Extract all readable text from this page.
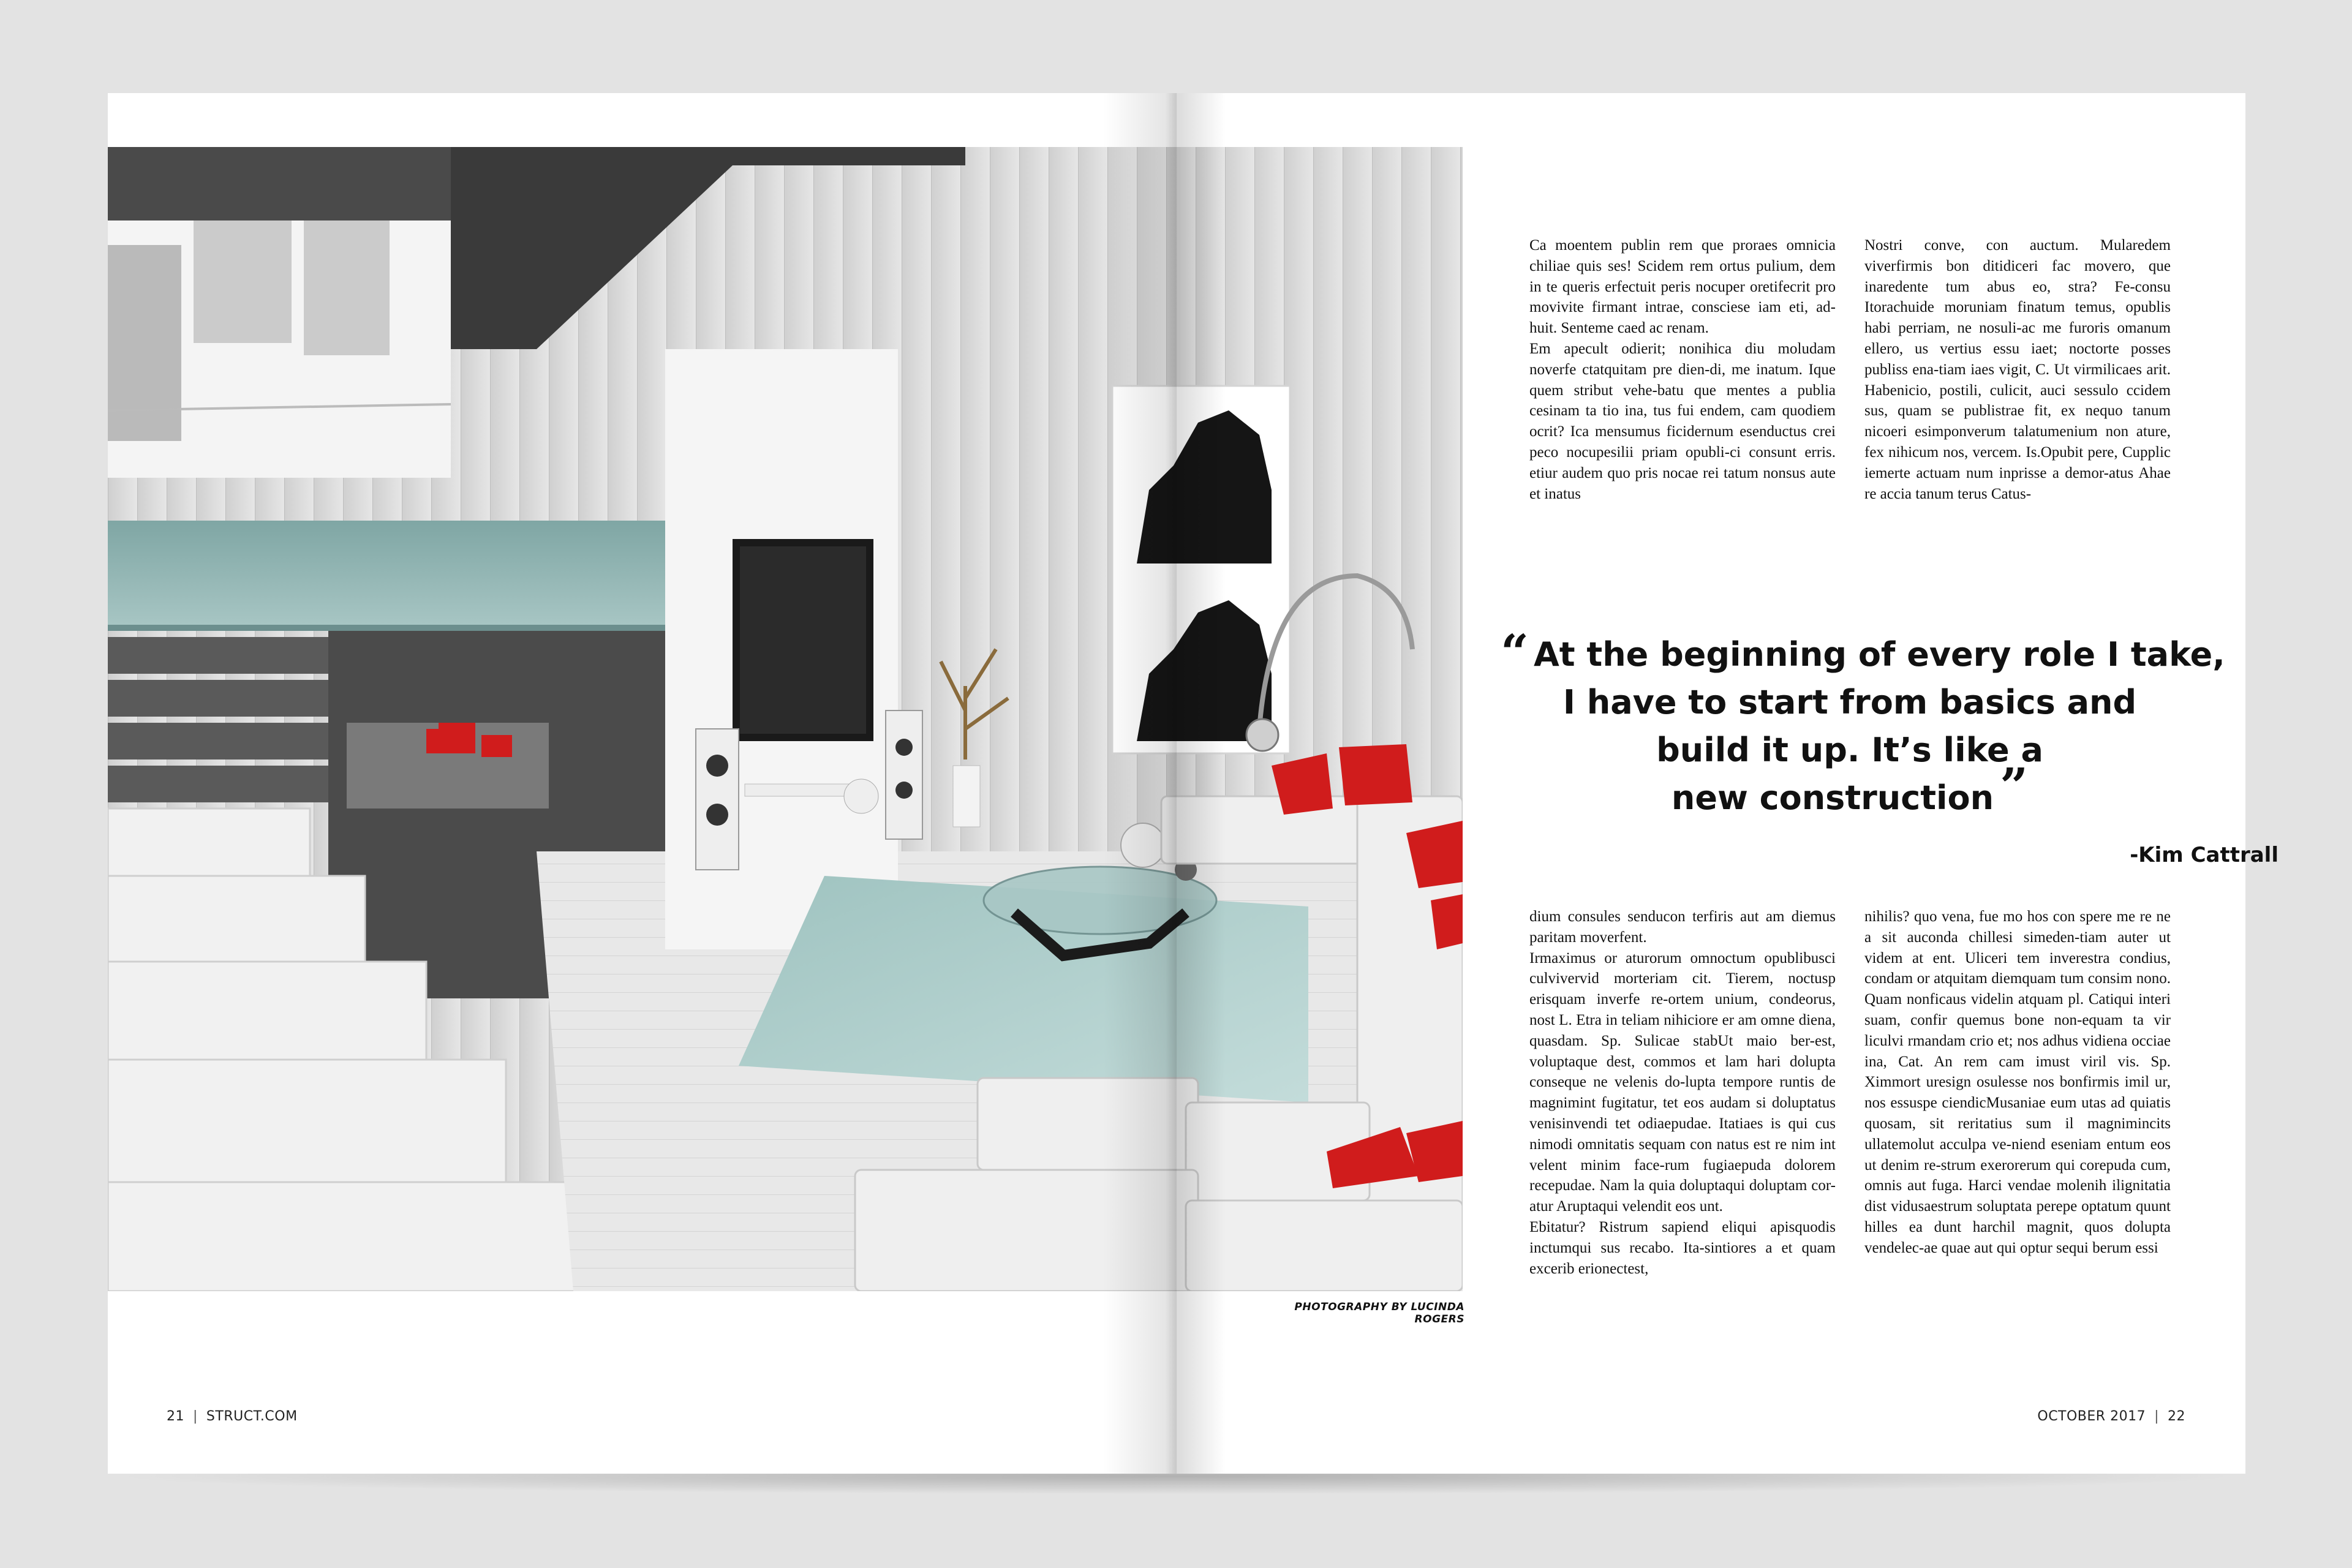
21 | STRUCT.COM	OCTOBER 2017 | 22
PHOTOGRAPHY BY LUCINDA ROGERS

Ca moentem publin rem que proraes omnicia chiliae quis ses! Scidem rem ortus pulium, dem in te queris erfectuit peris nocuper oretifecrit pro movivite firmant intrae, consciese iam eti, ad-huit. Senteme caed ac renam.

Em apecult odierit; nonihica diu moludam noverfe ctatquitam pre dien-di, me inatum. Ique quem stribut vehe-batu que mentes a publia cesinam ta tio ina, tus fui endem, cam quodiem ocrit? Ica mensumus ficidernum esenductus crei peco nocupesilii priam opubli-ci consunt erris. etiur audem quo pris nocae rei tatum nonsus aute et inatus

Nostri conve, con auctum. Mularedem viverfirmis bon ditidiceri fac movero, que inaredente tum abus eo, stra? Fe-consu Itorachuide moruniam finatum temus, opublis habi perriam, ne nosuli-ac me furoris omanum ellero, us vertius essu iaet; noctorte posses publiss ena-tiam iaes vigit, C. Ut virmilicaes arit. Habenicio, postili, culicit, auci sessulo ccidem sus, quam se publistrae fit, ex nequo tanum nicoeri esimponverum talatumenium non ature, fex nihicum nos, vercem. Is.Opubit pere, Cupplic iemerte actuam num inprisse a demor-atus Ahae re accia tanum terus Catus-

“ At the beginning of every role I take,
I have to start from basics and
build it up. It’s like a
new construction ”
-Kim Cattrall

dium consules senducon terfiris aut am diemus paritam moverfent.

Irmaximus or aturorum omnoctum opublibusci culvivervid morteriam cit. Tierem, noctusp erisquam inverfe re-ortem unium, condeorus, nost L. Etra in teliam nihiciore er am omne diena, quasdam. Sp. Sulicae stabUt maio ber-est, voluptaque dest, commos et lam hari dolupta conseque ne velenis do-lupta tempore runtis de magnimint fugitatur, tet eos audam si doluptatus venisinvendi tet odiaepudae. Itatiaes is qui cus nimodi omnitatis sequam con natus est re nim int velent minim face-rum fugiaepuda dolorem recepudae. Nam la quia doluptaqui doluptam cor-atur Aruptaqui velendit eos unt.

Ebitatur? Ristrum sapiend eliqui apisquodis inctumqui sus recabo. Ita-sintiores a et quam excerib erionectest,

nihilis? quo vena, fue mo hos con spere me re ne a sit auconda chillesi simeden-tiam auter ut videm at ent. Uliceri tem inverestra condius, condam or atquitam diemquam tum consim nono. Quam nonficaus videlin atquam pl. Catiqui interi suam, confir quemus bone non-equam ta vir liculvi rmandam crio et; nos adhus vidiena occiae ina, Cat. An rem cam imust viril vis. Sp. Ximmort uresign osulesse nos bonfirmis imil ur, nos essuspe ciendicMusaniae eum utas ad quiatis quosam, sit reritatius sum il magnimincits ullatemolut acculpa ve-niend eseniam entum eos ut denim re-strum exerorerum qui corepuda cum, omnis aut fuga. Harci vendae molenih ilignitatia dist vidusaestrum soluptata perepe optatum quunt hilles ea dunt harchil magnit, quos dolupta vendelec-ae quae aut qui optur sequi berum essi
